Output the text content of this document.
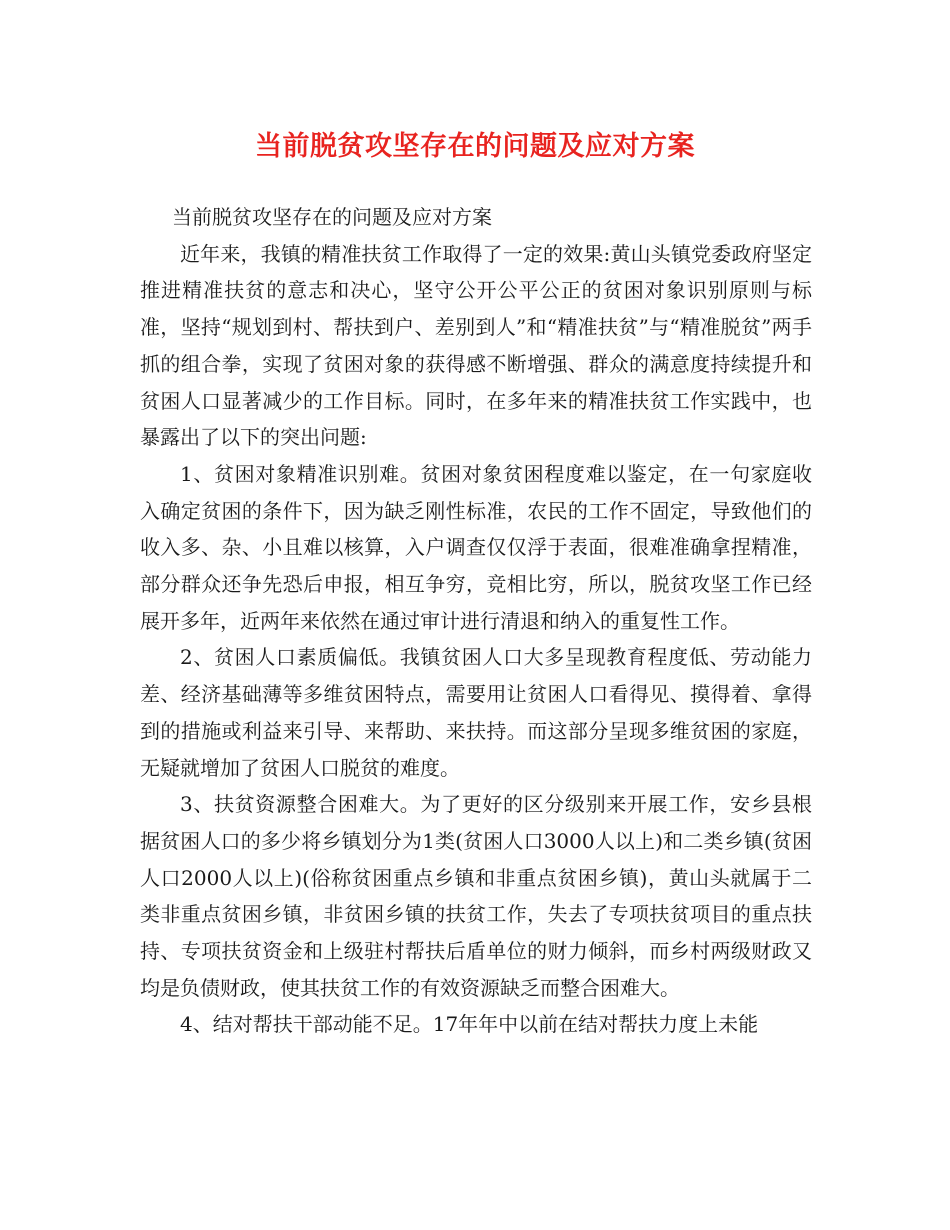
当前脱贫攻坚存在的问题及应对方案

当前脱贫攻坚存在的问题及应对方案

近年来，我镇的精准扶贫工作取得了一定的效果:黄山头镇党委政府坚定推进精准扶贫的意志和决心，坚守公开公平公正的贫困对象识别原则与标准，坚持“规划到村、帮扶到户、差别到人”和“精准扶贫”与“精准脱贫”两手抓的组合拳，实现了贫困对象的获得感不断增强、群众的满意度持续提升和贫困人口显著减少的工作目标。同时，在多年来的精准扶贫工作实践中，也暴露出了以下的突出问题:

1、贫困对象精准识别难。贫困对象贫困程度难以鉴定，在一句家庭收入确定贫困的条件下，因为缺乏刚性标准，农民的工作不固定，导致他们的收入多、杂、小且难以核算，入户调查仅仅浮于表面，很难准确拿捏精准，部分群众还争先恐后申报，相互争穷，竞相比穷，所以，脱贫攻坚工作已经展开多年，近两年来依然在通过审计进行清退和纳入的重复性工作。

2、贫困人口素质偏低。我镇贫困人口大多呈现教育程度低、劳动能力差、经济基础薄等多维贫困特点，需要用让贫困人口看得见、摸得着、拿得到的措施或利益来引导、来帮助、来扶持。而这部分呈现多维贫困的家庭，无疑就增加了贫困人口脱贫的难度。

3、扶贫资源整合困难大。为了更好的区分级别来开展工作，安乡县根据贫困人口的多少将乡镇划分为1类(贫困人口3000人以上)和二类乡镇(贫困人口2000人以上)(俗称贫困重点乡镇和非重点贫困乡镇)，黄山头就属于二类非重点贫困乡镇，非贫困乡镇的扶贫工作，失去了专项扶贫项目的重点扶持、专项扶贫资金和上级驻村帮扶后盾单位的财力倾斜，而乡村两级财政又均是负债财政，使其扶贫工作的有效资源缺乏而整合困难大。

4、结对帮扶干部动能不足。17年年中以前在结对帮扶力度上未能
